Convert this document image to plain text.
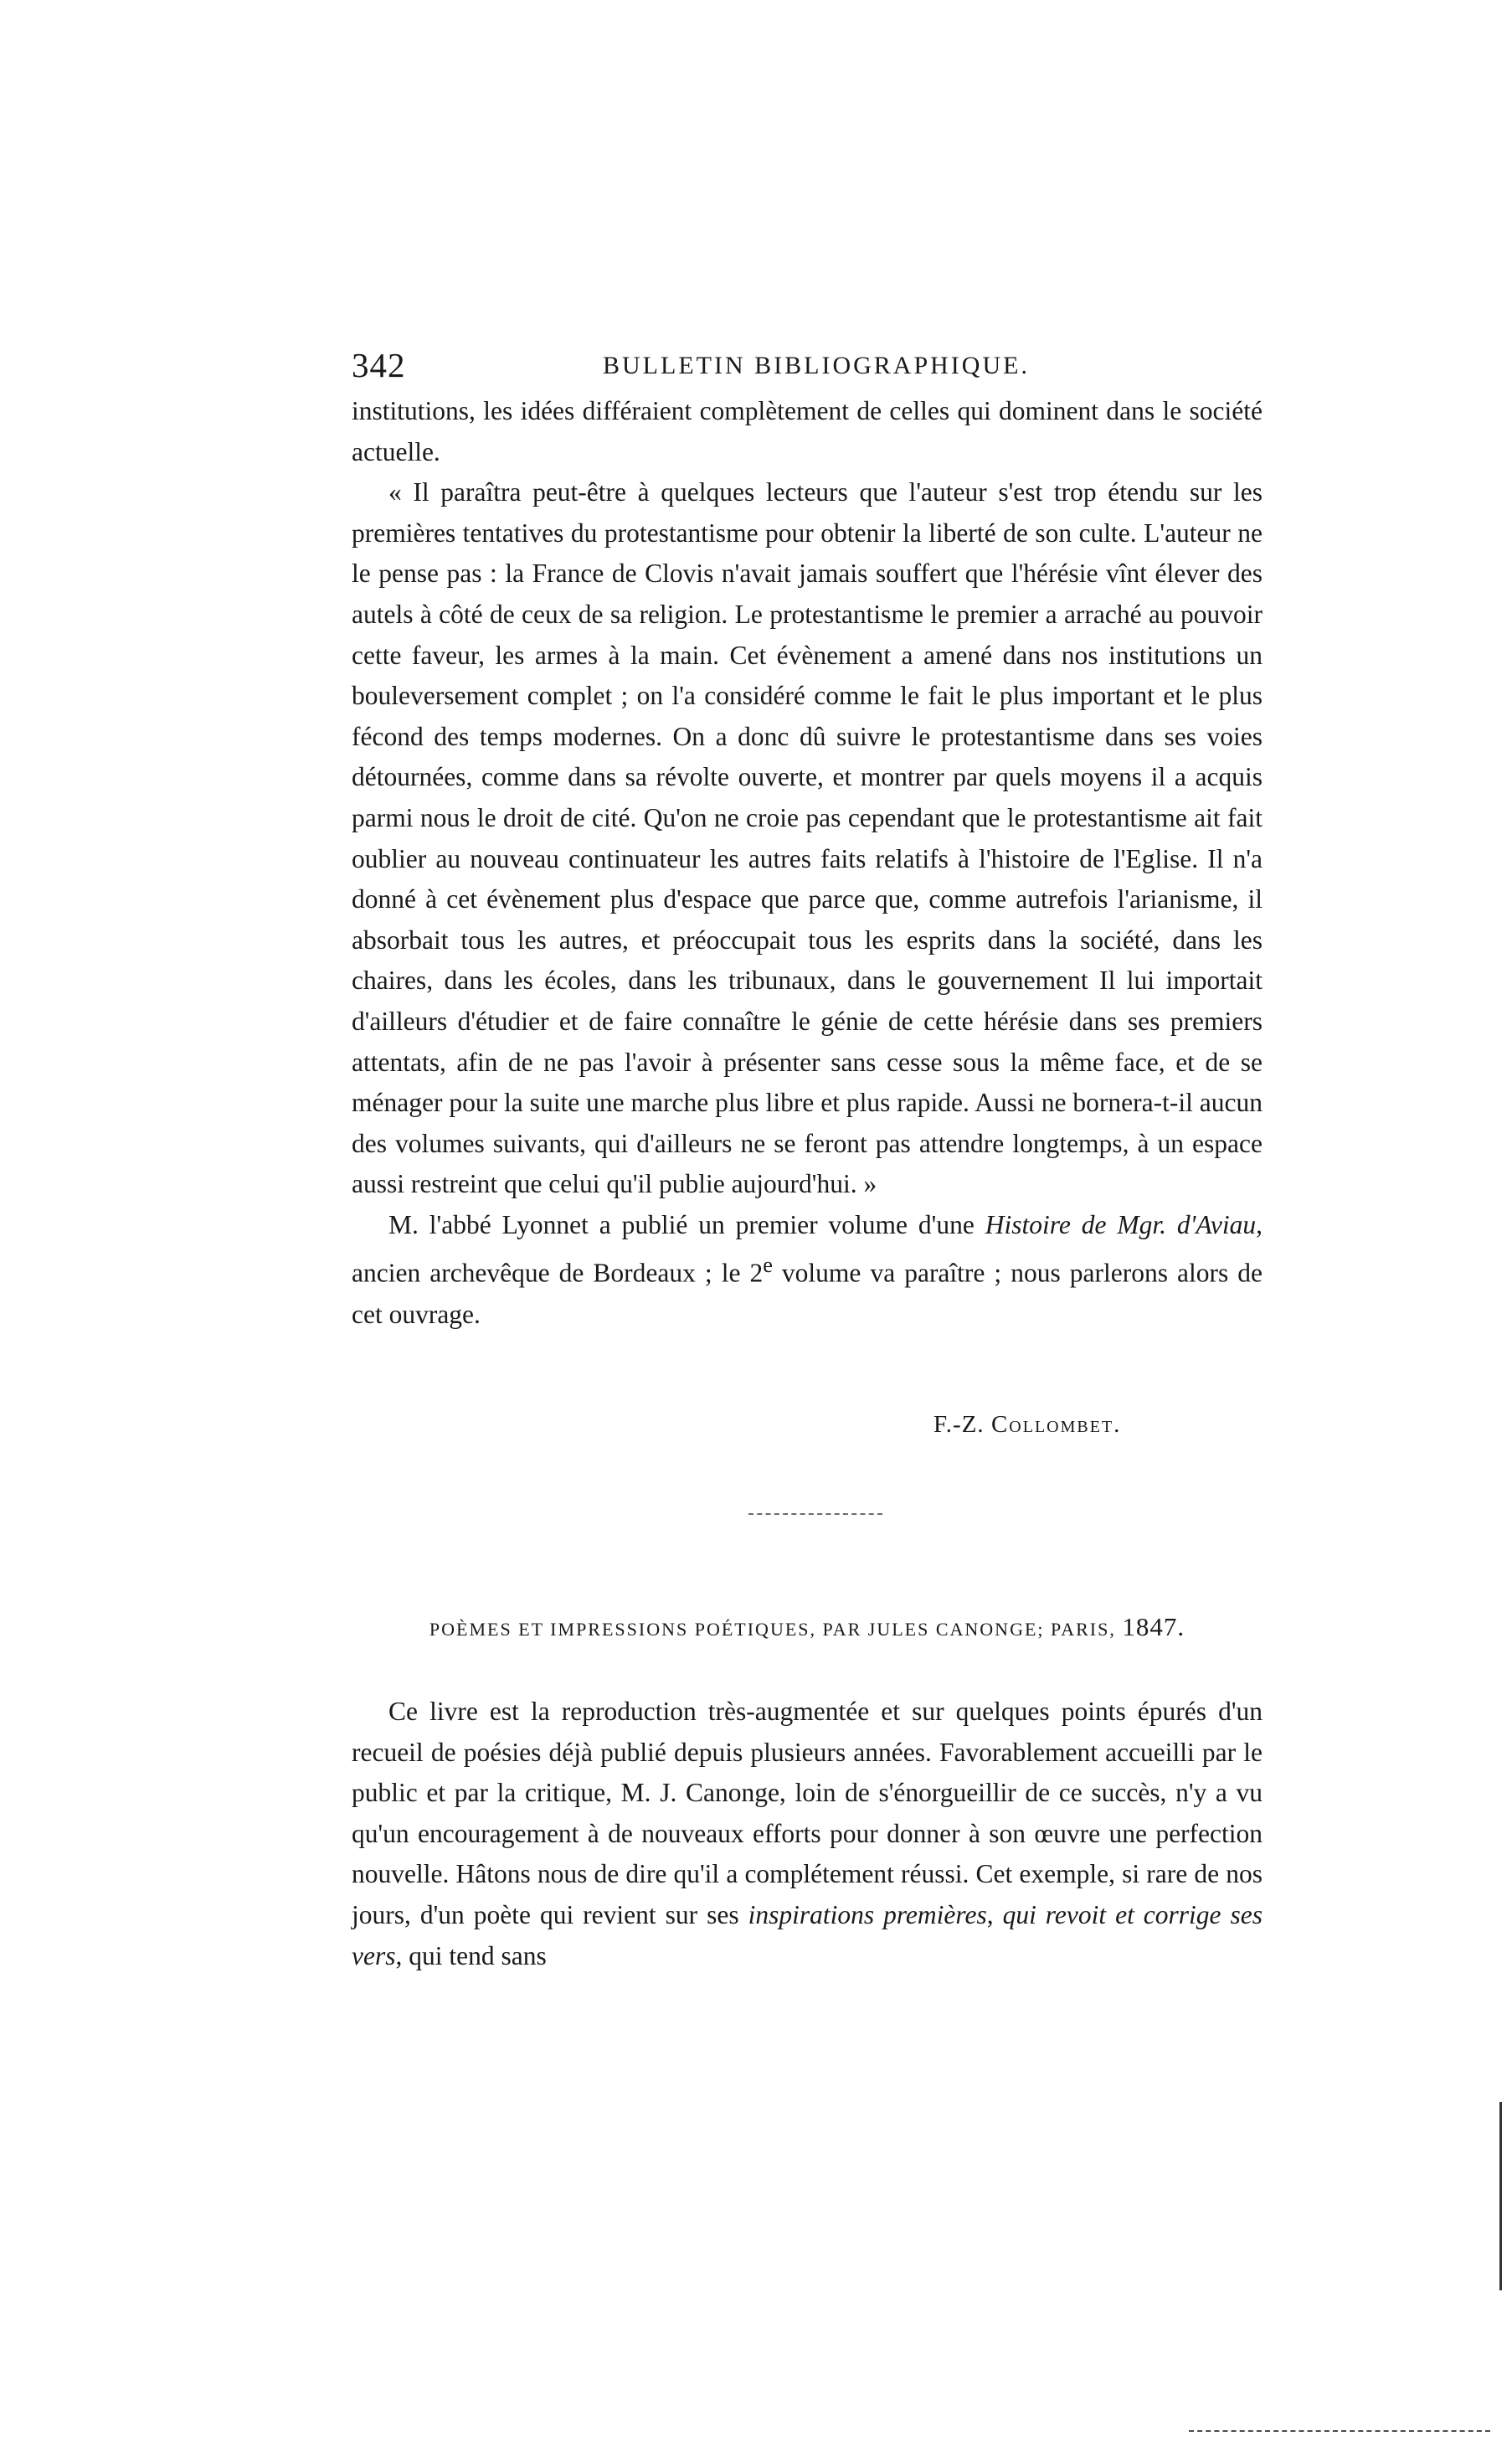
342	BULLETIN BIBLIOGRAPHIQUE.

institutions, les idées différaient complètement de celles qui dominent dans le société actuelle.

« Il paraîtra peut-être à quelques lecteurs que l'auteur s'est trop étendu sur les premières tentatives du protestantisme pour obtenir la liberté de son culte. L'auteur ne le pense pas : la France de Clovis n'avait jamais souffert que l'hérésie vînt élever des autels à côté de ceux de sa religion. Le protestantisme le premier a arraché au pouvoir cette faveur, les armes à la main. Cet évènement a amené dans nos institutions un bouleversement complet ; on l'a considéré comme le fait le plus important et le plus fécond des temps modernes. On a donc dû suivre le protestantisme dans ses voies détournées, comme dans sa révolte ouverte, et montrer par quels moyens il a acquis parmi nous le droit de cité. Qu'on ne croie pas cependant que le protestantisme ait fait oublier au nouveau continuateur les autres faits relatifs à l'histoire de l'Eglise. Il n'a donné à cet évènement plus d'espace que parce que, comme autrefois l'arianisme, il absorbait tous les autres, et préoccupait tous les esprits dans la société, dans les chaires, dans les écoles, dans les tribunaux, dans le gouvernement Il lui importait d'ailleurs d'étudier et de faire connaître le génie de cette hérésie dans ses premiers attentats, afin de ne pas l'avoir à présenter sans cesse sous la même face, et de se ménager pour la suite une marche plus libre et plus rapide. Aussi ne bornera-t-il aucun des volumes suivants, qui d'ailleurs ne se feront pas attendre longtemps, à un espace aussi restreint que celui qu'il publie aujourd'hui. »

M. l'abbé Lyonnet a publié un premier volume d'une Histoire de Mgr. d'Aviau, ancien archevêque de Bordeaux ; le 2e volume va paraître ; nous parlerons alors de cet ouvrage.

F.-Z. Collombet.
POÈMES ET IMPRESSIONS POÉTIQUES, PAR JULES CANONGE; PARIS, 1847.

Ce livre est la reproduction très-augmentée et sur quelques points épurés d'un recueil de poésies déjà publié depuis plusieurs années. Favorablement accueilli par le public et par la critique, M. J. Canonge, loin de s'énorgueillir de ce succès, n'y a vu qu'un encouragement à de nouveaux efforts pour donner à son œuvre une perfection nouvelle. Hâtons nous de dire qu'il a complétement réussi. Cet exemple, si rare de nos jours, d'un poète qui revient sur ses inspirations premières, qui revoit et corrige ses vers, qui tend sans
